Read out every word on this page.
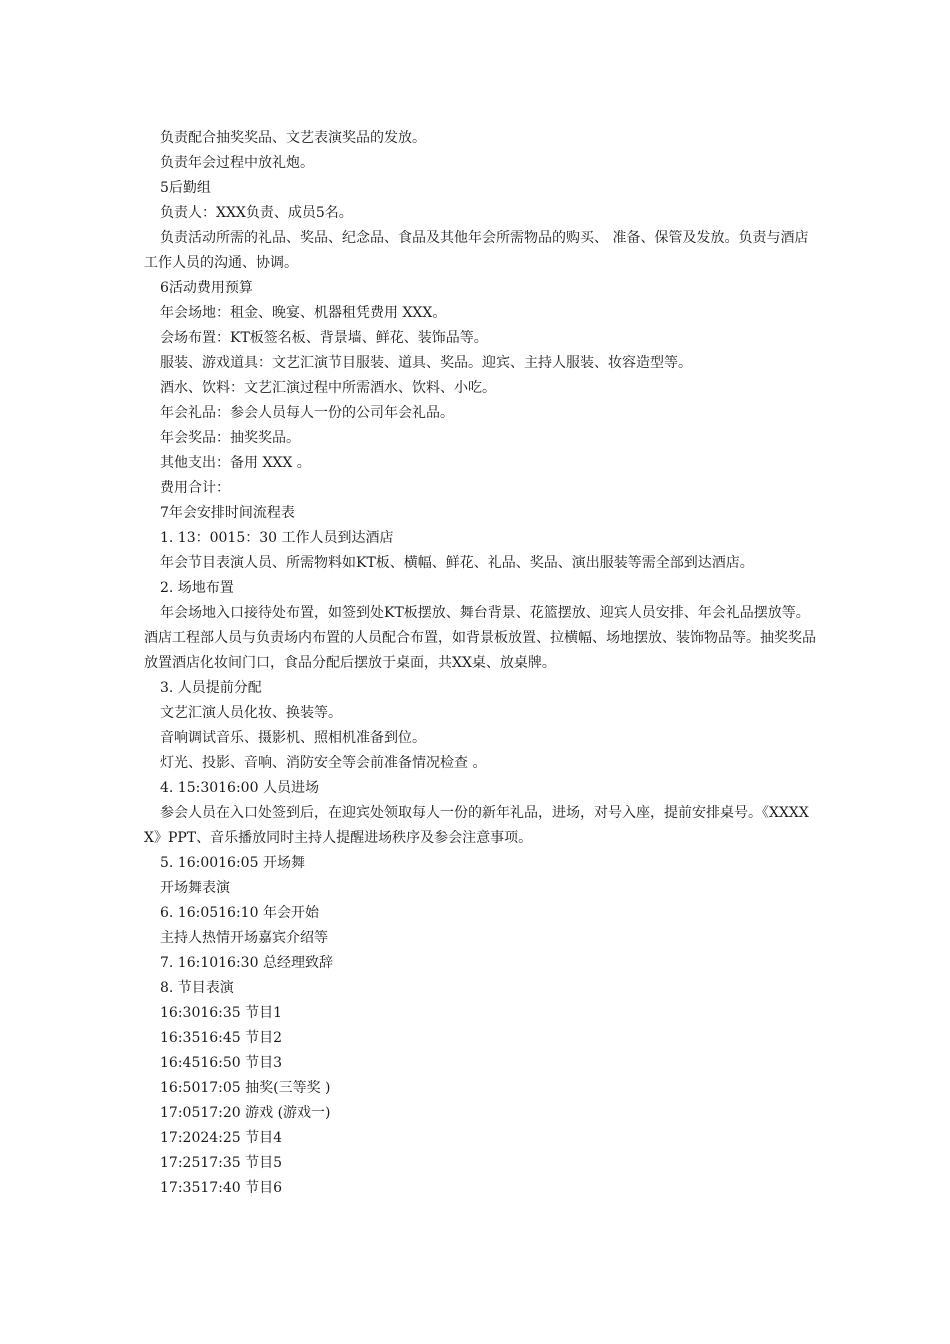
负责配合抽奖奖品、文艺表演奖品的发放。

负责年会过程中放礼炮。

5后勤组

负责人：XXX负责、成员5名。

负责活动所需的礼品、奖品、纪念品、食品及其他年会所需物品的购买、 准备、保管及发放。负责与酒店工作人员的沟通、协调。

6活动费用预算

年会场地：租金、晚宴、机器租凭费用 XXX。

会场布置：KT板签名板、背景墙、鲜花、装饰品等。

服装、游戏道具：文艺汇演节目服装、道具、奖品。迎宾、主持人服装、妆容造型等。

酒水、饮料：文艺汇演过程中所需酒水、饮料、小吃。

年会礼品：参会人员每人一份的公司年会礼品。

年会奖品：抽奖奖品。

其他支出：备用 XXX 。

费用合计：

7年会安排时间流程表

1. 13：0015：30 工作人员到达酒店

年会节目表演人员、所需物料如KT板、横幅、鲜花、礼品、奖品、演出服装等需全部到达酒店。

2. 场地布置

年会场地入口接待处布置，如签到处KT板摆放、舞台背景、花篮摆放、迎宾人员安排、年会礼品摆放等。酒店工程部人员与负责场内布置的人员配合布置，如背景板放置、拉横幅、场地摆放、装饰物品等。抽奖奖品放置酒店化妆间门口，食品分配后摆放于桌面，共XX桌、放桌牌。

3. 人员提前分配

文艺汇演人员化妆、换装等。

音响调试音乐、摄影机、照相机准备到位。

灯光、投影、音响、消防安全等会前准备情况检查 。

4. 15:3016:00 人员进场

参会人员在入口处签到后，在迎宾处领取每人一份的新年礼品，进场，对号入座，提前安排桌号。《XXXXX》PPT、音乐播放同时主持人提醒进场秩序及参会注意事项。

5. 16:0016:05 开场舞

开场舞表演

6. 16:0516:10 年会开始

主持人热情开场嘉宾介绍等

7. 16:1016:30 总经理致辞

8. 节目表演

16:3016:35 节目1

16:3516:45 节目2

16:4516:50 节目3

16:5017:05 抽奖(三等奖 )

17:0517:20 游戏 (游戏一)

17:2024:25 节目4

17:2517:35 节目5

17:3517:40 节目6
